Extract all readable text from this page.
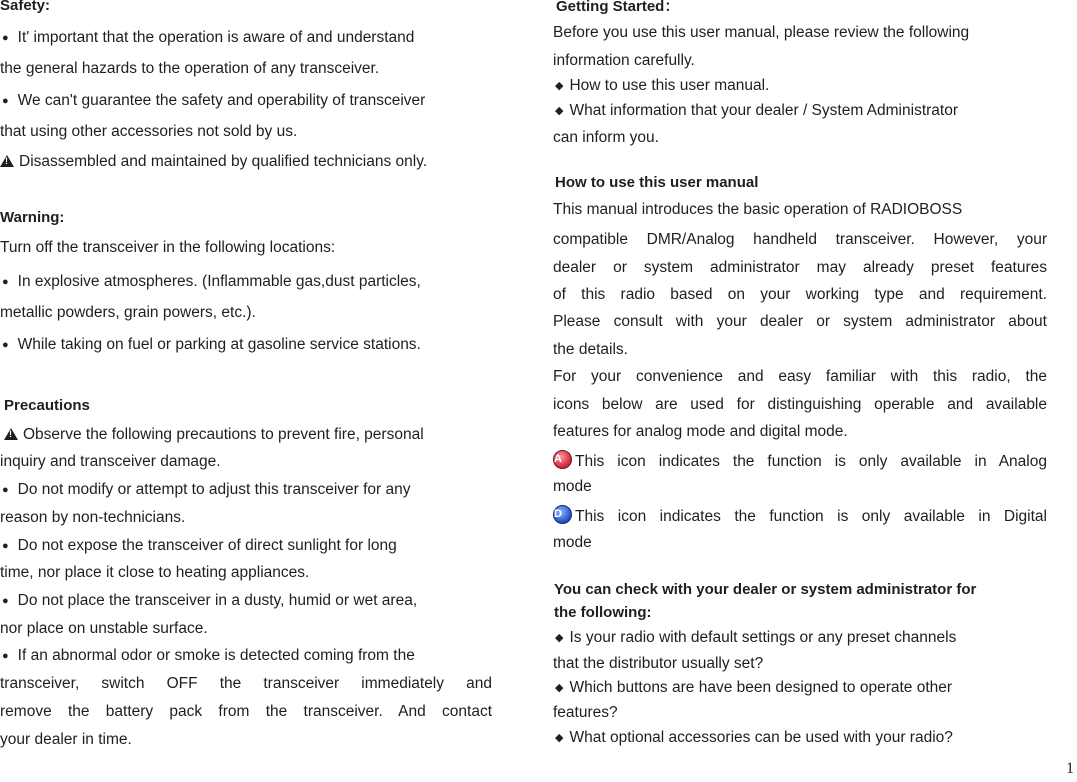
Safety:
● It' important that the operation is aware of and understand
the general hazards to the operation of any transceiver.
● We can't guarantee the safety and operability of transceiver
that using other accessories not sold by us.
!Disassembled and maintained by qualified technicians only.
Warning:
Turn off the transceiver in the following locations:
● In explosive atmospheres. (Inflammable gas,dust particles,
metallic powders, grain powers, etc.).
● While taking on fuel or parking at gasoline service stations.
Precautions
!Observe the following precautions to prevent fire, personal
inquiry and transceiver damage.
● Do not modify or attempt to adjust this transceiver for any
reason by non-technicians.
● Do not expose the transceiver of direct sunlight for long
time, nor place it close to heating appliances.
● Do not place the transceiver in a dusty, humid or wet area,
nor place on unstable surface.
● If an abnormal odor or smoke is detected coming from the
transceiver, switch OFF the transceiver immediately and
remove the battery pack from the transceiver. And contact
your dealer in time.
Getting Started：
Before you use this user manual, please review the following
information carefully.
◆ How to use this user manual.
◆ What information that your dealer / System Administrator
can inform you.
How to use this user manual
This manual introduces the basic operation of RADIOBOSS
compatible DMR/Analog handheld transceiver. However, your
dealer or system administrator may already preset features
of this radio based on your working type and requirement.
Please consult with your dealer or system administrator about
the details.
For your convenience and easy familiar with this radio, the
icons below are used for distinguishing operable and available
features for analog mode and digital mode.
A This icon indicates the function is only available in Analog
mode
D This icon indicates the function is only available in Digital
mode
You can check with your dealer or system administrator for
the following:
◆ Is your radio with default settings or any preset channels
that the distributor usually set?
◆ Which buttons are have been designed to operate other
features?
◆ What optional accessories can be used with your radio?
1
